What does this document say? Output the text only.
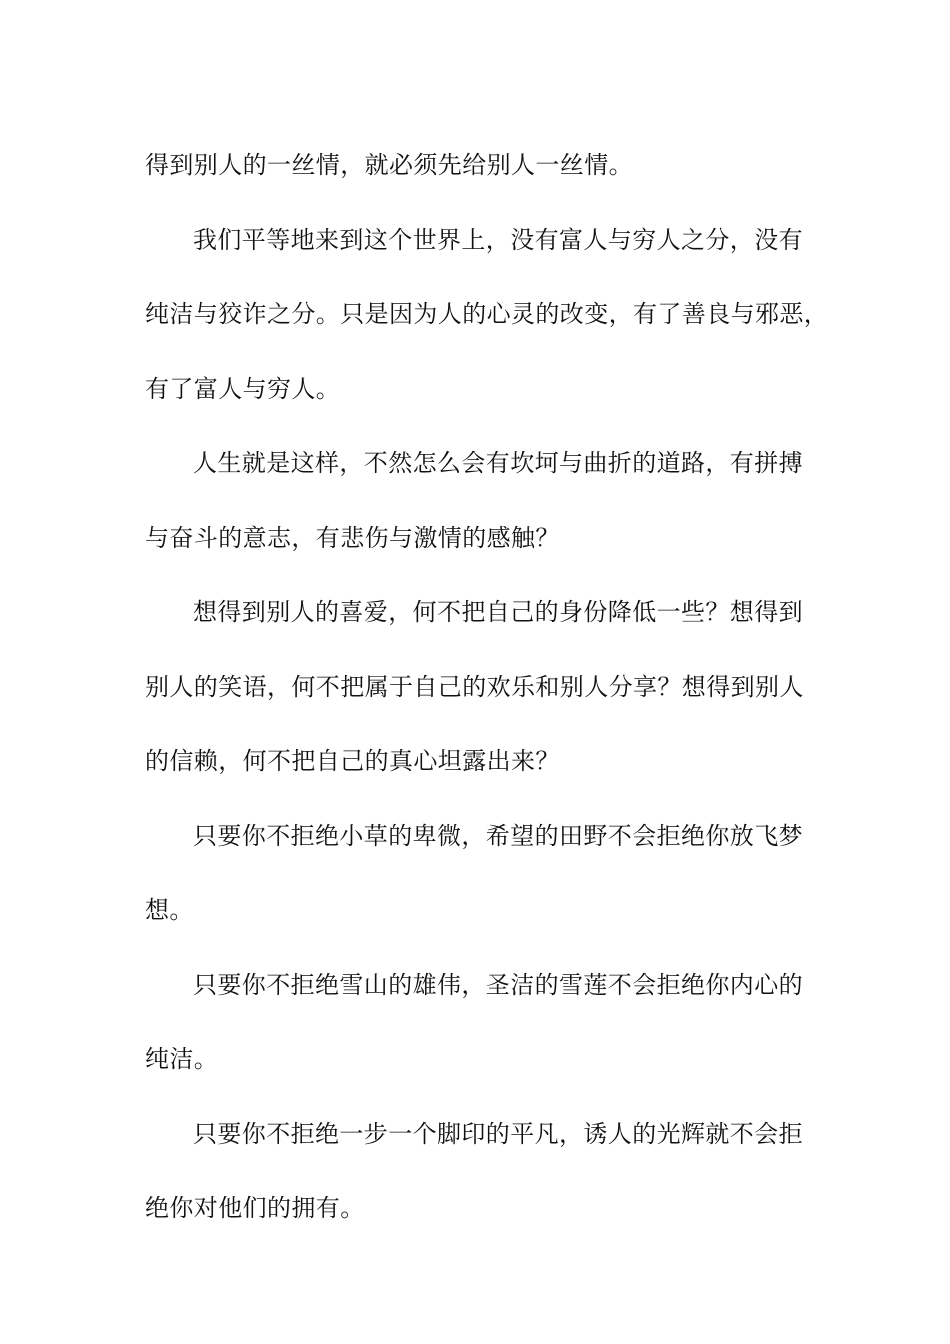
得到别人的一丝情，就必须先给别人一丝情。
我们平等地来到这个世界上，没有富人与穷人之分，没有
纯洁与狡诈之分。只是因为人的心灵的改变，有了善良与邪恶，
有了富人与穷人。
人生就是这样，不然怎么会有坎坷与曲折的道路，有拼搏
与奋斗的意志，有悲伤与激情的感触？
想得到别人的喜爱，何不把自己的身份降低一些？想得到
别人的笑语，何不把属于自己的欢乐和别人分享？想得到别人
的信赖，何不把自己的真心坦露出来？
只要你不拒绝小草的卑微，希望的田野不会拒绝你放飞梦
想。
只要你不拒绝雪山的雄伟，圣洁的雪莲不会拒绝你内心的
纯洁。
只要你不拒绝一步一个脚印的平凡，诱人的光辉就不会拒
绝你对他们的拥有。
